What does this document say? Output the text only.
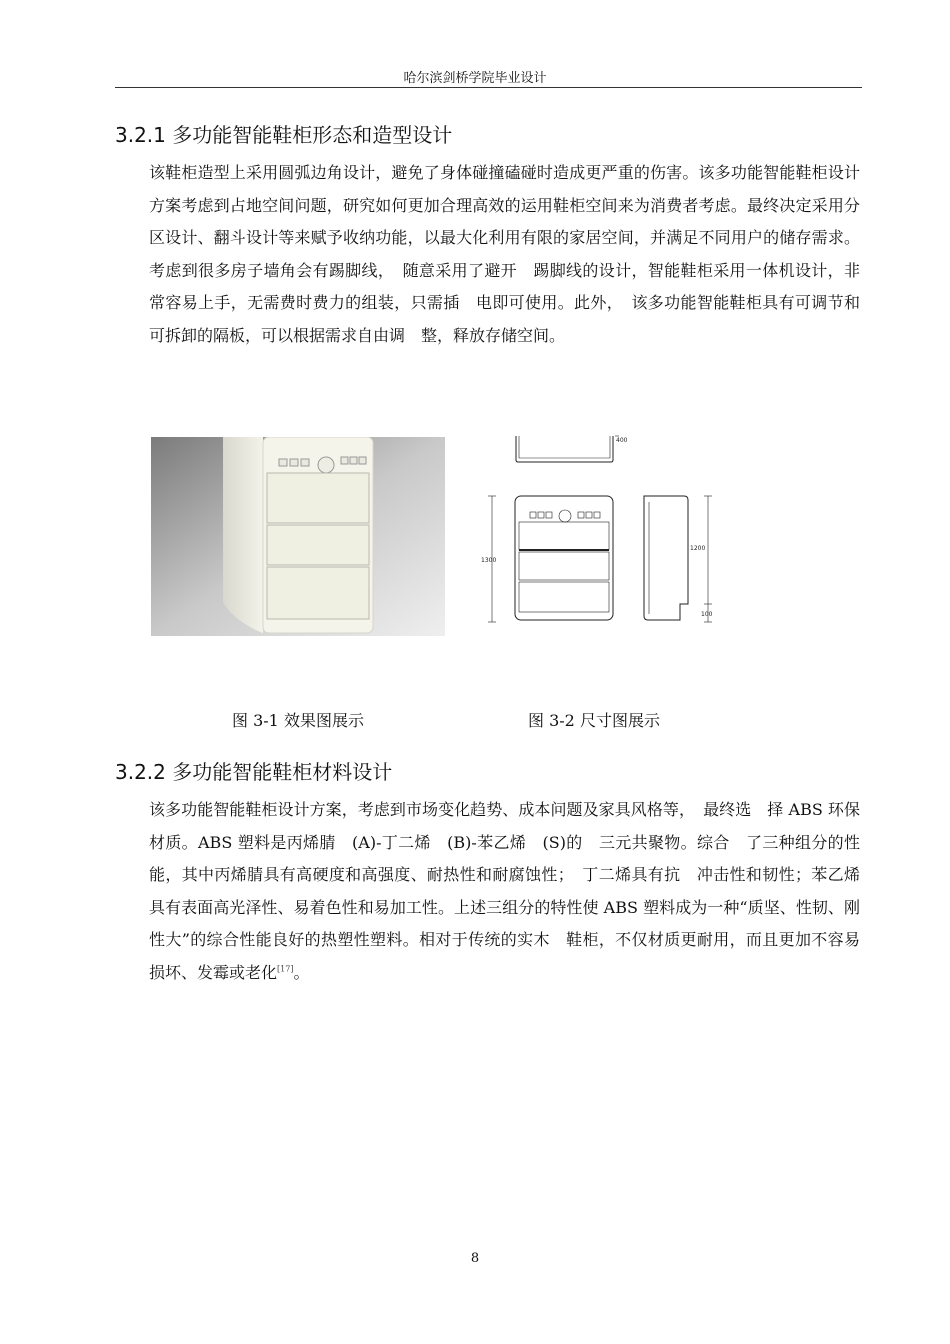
哈尔滨剑桥学院毕业设计
3.2.1 多功能智能鞋柜形态和造型设计

该鞋柜造型上采用圆弧边角设计，避免了身体碰撞磕碰时造成更严重的伤害。该多功能智能鞋柜设计方案考虑到占地空间问题，研究如何更加合理高效的运用鞋柜空间来为消费者考虑。最终决定采用分区设计、翻斗设计等来赋予收纳功能，以最大化利用有限的家居空间，并满足不同用户的储存需求。考虑到很多房子墙角会有踢脚线，　随意采用了避开　踢脚线的设计，智能鞋柜采用一体机设计，非常容易上手，无需费时费力的组装，只需插　电即可使用。此外，　该多功能智能鞋柜具有可调节和可拆卸的隔板，可以根据需求自由调　整，释放存储空间。

400
1300
1200
100
图 3-1 效果图展示	图 3-2 尺寸图展示
3.2.2 多功能智能鞋柜材料设计

该多功能智能鞋柜设计方案，考虑到市场变化趋势、成本问题及家具风格等，　最终选　择 ABS 环保材质。ABS 塑料是丙烯腈　(A)-丁二烯　(B)-苯乙烯　(S)的　三元共聚物。综合　了三种组分的性能，其中丙烯腈具有高硬度和高强度、耐热性和耐腐蚀性；　丁二烯具有抗　冲击性和韧性；苯乙烯具有表面高光泽性、易着色性和易加工性。上述三组分的特性使 ABS 塑料成为一种“质坚、性韧、刚性大”的综合性能良好的热塑性塑料。相对于传统的实木　鞋柜，不仅材质更耐用，而且更加不容易损坏、发霉或老化[17]。

8
